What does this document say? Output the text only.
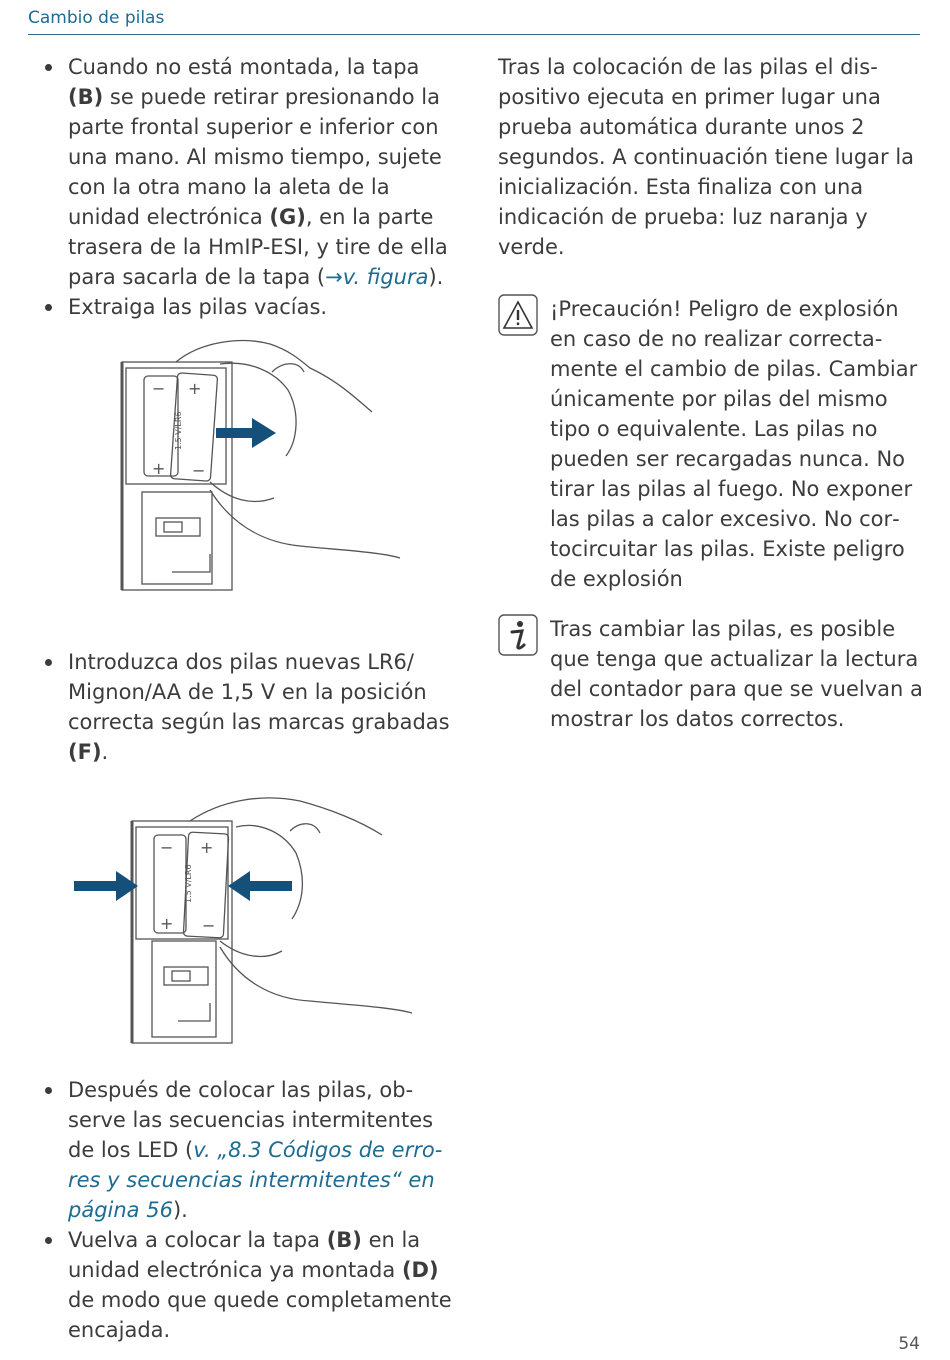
Cambio de pilas
Cuando no está montada, la tapa (B) se puede retirar presionando la parte frontal superior e inferior con una mano. Al mismo tiempo, sujete con la otra mano la aleta de la unidad electrónica (G), en la parte trasera de la HmIP-ESI, y tire de ella para sacarla de la tapa (→v. figura).
Extraiga las pilas vacías.
−
+
+
−
1.5 V/LR6
Introduzca dos pilas nuevas LR6/ Mignon/AA de 1,5 V en la posición correcta según las marcas grabadas (F).
−
+
+
−
1.5 V/LR6
Después de colocar las pilas, observe las secuencias intermitentes de los LED (v. „8.3 Códigos de errores y secuencias intermitentes“ en página 56).
Vuelva a colocar la tapa (B) en la unidad electrónica ya montada (D) de modo que quede completamente encajada.

Tras la colocación de las pilas el dispositivo ejecuta en primer lugar una prueba automática durante unos 2 segundos. A continuación tiene lugar la inicialización. Esta finaliza con una indicación de prueba: luz naranja y verde.

¡Precaución! Peligro de explosión en caso de no realizar correctamente el cambio de pilas. Cambiar únicamente por pilas del mismo tipo o equivalente. Las pilas no pueden ser recargadas nunca. No tirar las pilas al fuego. No exponer las pilas a calor excesivo. No cortocircuitar las pilas. Existe peligro de explosión

Tras cambiar las pilas, es posible que tenga que actualizar la lectura del contador para que se vuelvan a mostrar los datos correctos.

54
